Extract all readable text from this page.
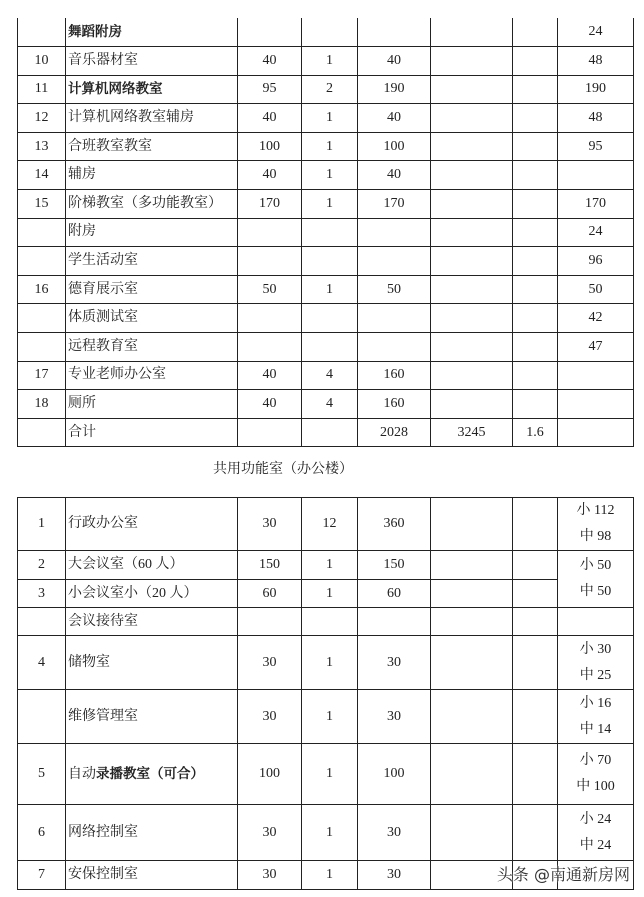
	舞蹈附房						24
10	音乐器材室	40	1	40			48
11	计算机网络教室	95	2	190			190
12	计算机网络教室辅房	40	1	40			48
13	合班教室教室	100	1	100			95
14	辅房	40	1	40			
15	阶梯教室（多功能教室）	170	1	170			170
	附房						24
	学生活动室						96
16	德育展示室	50	1	50			50
	体质测试室						42
	远程教育室						47
17	专业老师办公室	40	4	160			
18	厕所	40	4	160			
	合计			2028	3245	1.6	
共用功能室（办公楼）
1	行政办公室	30	12	360			小 112
中 98
2	大会议室（60 人）	150	1	150			小 50
中 50
3	小会议室小（20 人）	60	1	60			
	会议接待室						
4	储物室	30	1	30			小 30
中 25
	维修管理室	30	1	30			小 16
中 14
5	自动录播教室（可合）	100	1	100			小 70
中 100
6	网络控制室	30	1	30			小 24
中 24
7	安保控制室	30	1	30				头条 @南通新房网
